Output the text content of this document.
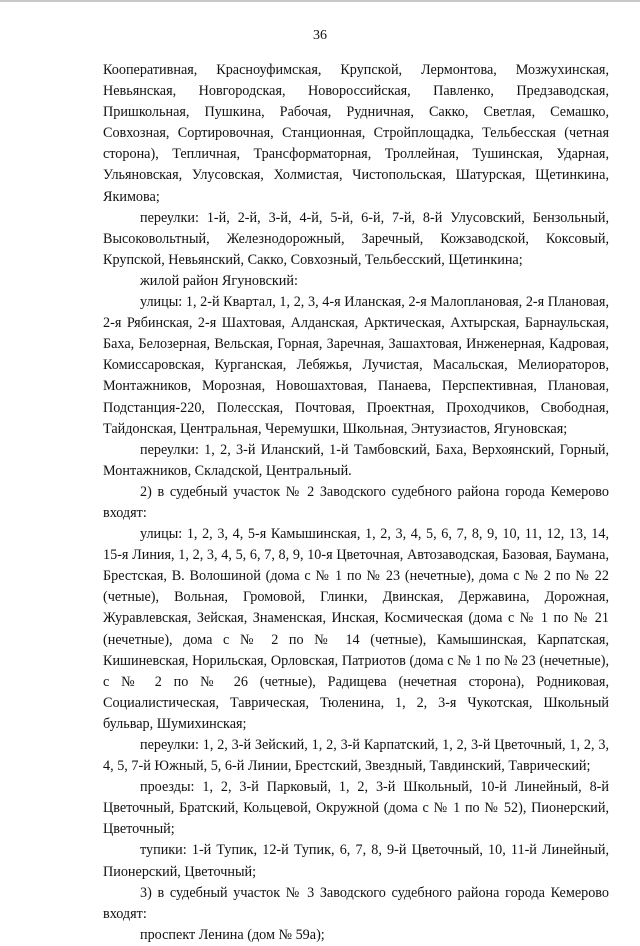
36

Кооперативная, Красноуфимская, Крупской, Лермонтова, Мозжухинская, Невьянская, Новгородская, Новороссийская, Павленко, Предзаводская, Пришкольная, Пушкина, Рабочая, Рудничная, Сакко, Светлая, Семашко, Совхозная, Сортировочная, Станционная, Стройплощадка, Тельбесская (четная сторона), Тепличная, Трансформаторная, Троллейная, Тушинская, Ударная, Ульяновская, Улусовская, Холмистая, Чистопольская, Шатурская, Щетинкина, Якимова;

переулки: 1-й, 2-й, 3-й, 4-й, 5-й, 6-й, 7-й, 8-й Улусовский, Бензольный, Высоковольтный, Железнодорожный, Заречный, Кожзаводской, Коксовый, Крупской, Невьянский, Сакко, Совхозный, Тельбесский, Щетинкина;

жилой район Ягуновский:

улицы: 1, 2-й Квартал, 1, 2, 3, 4-я Иланская, 2-я Малоплановая, 2-я Плановая, 2-я Рябинская, 2-я Шахтовая, Алданская, Арктическая, Ахтырская, Барнаульская, Баха, Белозерная, Вельская, Горная, Заречная, Зашахтовая, Инженерная, Кадровая, Комиссаровская, Курганская, Лебяжья, Лучистая, Масальская, Мелиораторов, Монтажников, Морозная, Новошахтовая, Панаева, Перспективная, Плановая, Подстанция-220, Полесская, Почтовая, Проектная, Проходчиков, Свободная, Тайдонская, Центральная, Черемушки, Школьная, Энтузиастов, Ягуновская;

переулки: 1, 2, 3-й Иланский, 1-й Тамбовский, Баха, Верхоянский, Горный, Монтажников, Складской, Центральный.

2) в судебный участок № 2 Заводского судебного района города Кемерово входят:

улицы: 1, 2, 3, 4, 5-я Камышинская, 1, 2, 3, 4, 5, 6, 7, 8, 9, 10, 11, 12, 13, 14, 15-я Линия, 1, 2, 3, 4, 5, 6, 7, 8, 9, 10-я Цветочная, Автозаводская, Базовая, Баумана, Брестская, В. Волошиной (дома с № 1 по № 23 (нечетные), дома с № 2 по № 22 (четные), Вольная, Громовой, Глинки, Двинская, Державина, Дорожная, Журавлевская, Зейская, Знаменская, Инская, Космическая (дома с № 1 по № 21 (нечетные), дома с № 2 по № 14 (четные), Камышинская, Карпатская, Кишиневская, Норильская, Орловская, Патриотов (дома с № 1 по № 23 (нечетные), с № 2 по № 26 (четные), Радищева (нечетная сторона), Родниковая, Социалистическая, Таврическая, Тюленина, 1, 2, 3-я Чукотская, Школьный бульвар, Шумихинская;

переулки: 1, 2, 3-й Зейский, 1, 2, 3-й Карпатский, 1, 2, 3-й Цветочный, 1, 2, 3, 4, 5, 7-й Южный, 5, 6-й Линии, Брестский, Звездный, Тавдинский, Таврический;

проезды: 1, 2, 3-й Парковый, 1, 2, 3-й Школьный, 10-й Линейный, 8-й Цветочный, Братский, Кольцевой, Окружной (дома с № 1 по № 52), Пионерский, Цветочный;

тупики: 1-й Тупик, 12-й Тупик, 6, 7, 8, 9-й Цветочный, 10, 11-й Линейный, Пионерский, Цветочный;

3) в судебный участок № 3 Заводского судебного района города Кемерово входят:

проспект Ленина (дом № 59а);
